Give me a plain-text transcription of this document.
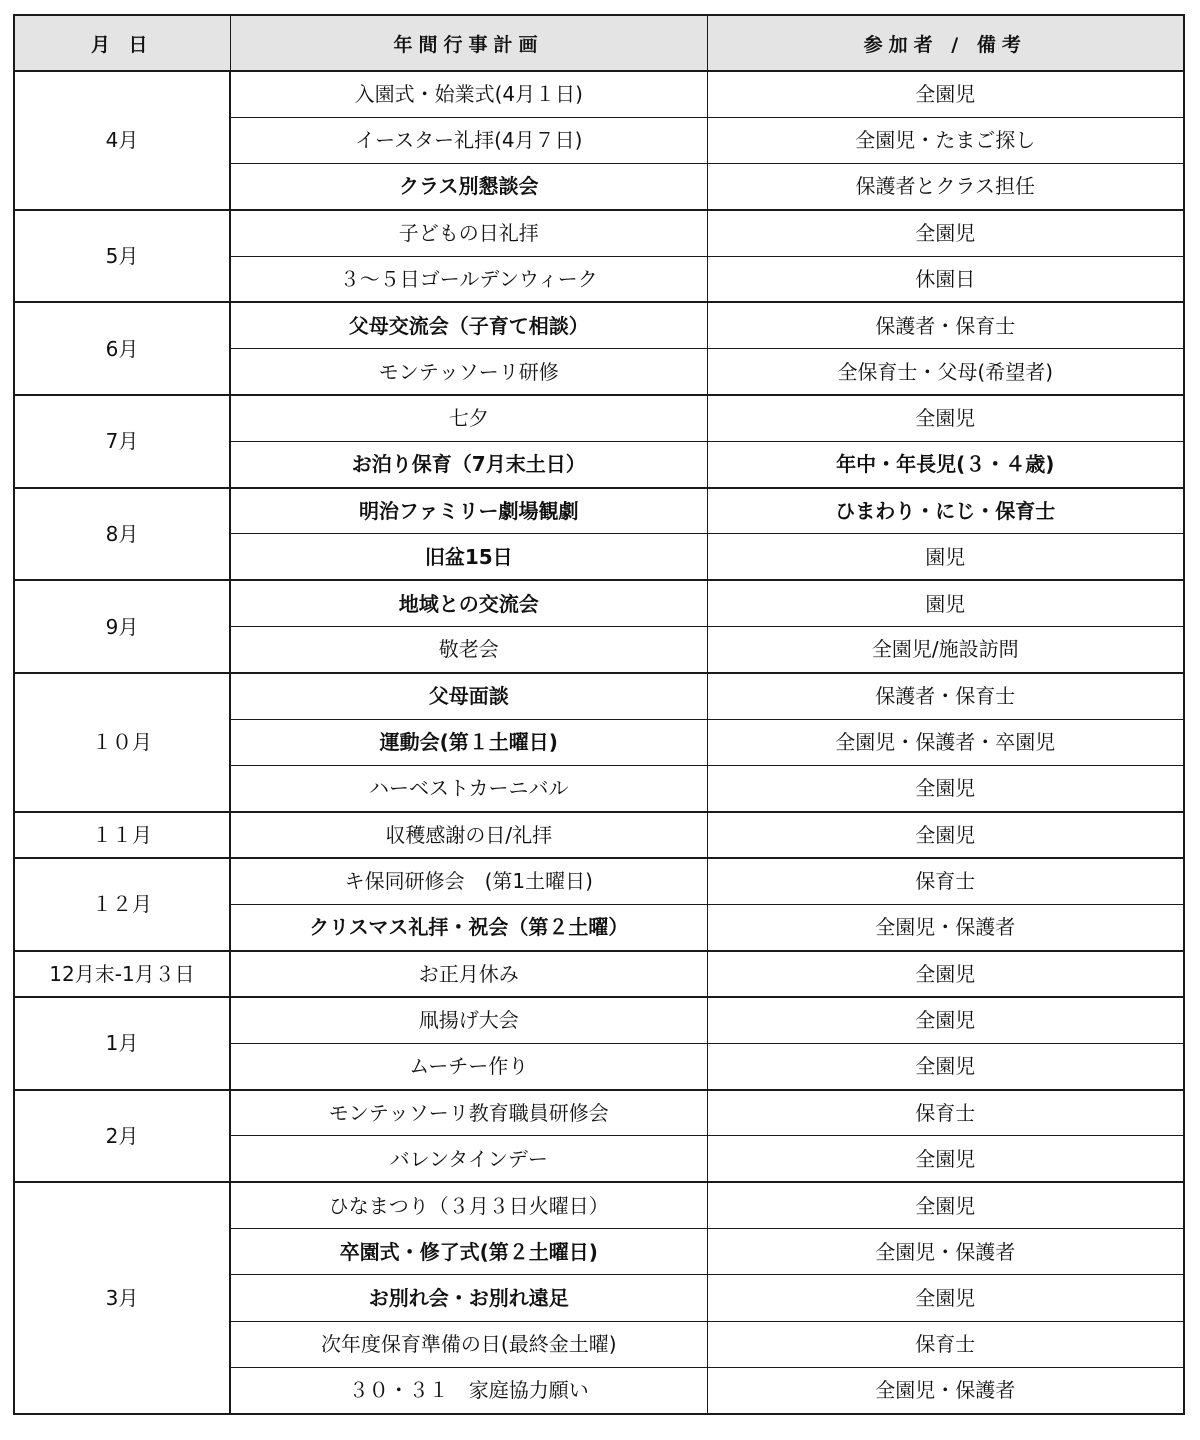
月 日	年間行事計画	参加者 / 備考
4月	入園式・始業式(4月１日)	全園児
	イースター礼拝(4月７日)	全園児・たまご探し
	クラス別懇談会	保護者とクラス担任
5月	子どもの日礼拝	全園児
	３～５日ゴールデンウィーク	休園日
6月	父母交流会（子育て相談）	保護者・保育士
	モンテッソーリ研修	全保育士・父母(希望者)
7月	七夕	全園児
	お泊り保育（7月末土日）	年中・年長児(３・４歳)
8月	明治ファミリー劇場観劇	ひまわり・にじ・保育士
	旧盆15日	園児
9月	地域との交流会	園児
	敬老会	全園児/施設訪問
１０月	父母面談	保護者・保育士
	運動会(第１土曜日)	全園児・保護者・卒園児
	ハーベストカーニバル	全園児
１１月	収穫感謝の日/礼拝	全園児
１２月	キ保同研修会　(第1土曜日)	保育士
	クリスマス礼拝・祝会（第２土曜）	全園児・保護者
12月末-1月３日	お正月休み	全園児
1月	凧揚げ大会	全園児
	ムーチー作り	全園児
2月	モンテッソーリ教育職員研修会	保育士
	バレンタインデー	全園児
3月	ひなまつり（３月３日火曜日）	全園児
	卒園式・修了式(第２土曜日)	全園児・保護者
	お別れ会・お別れ遠足	全園児
	次年度保育準備の日(最終金土曜)	保育士
	３０・３１　家庭協力願い	全園児・保護者
